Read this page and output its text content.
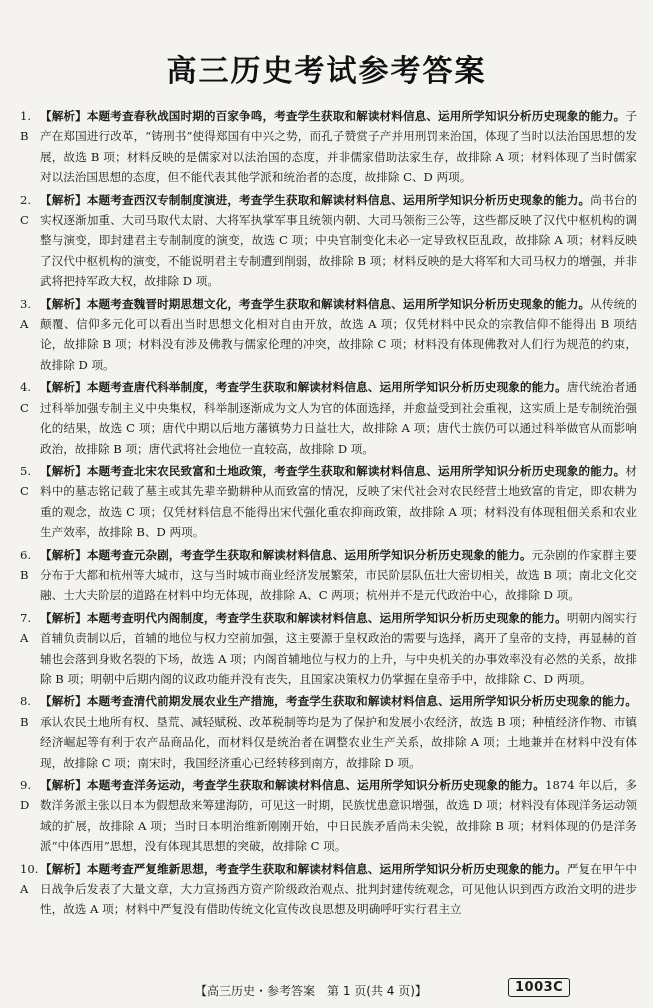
高三历史考试参考答案

1. B
【解析】本题考查春秋战国时期的百家争鸣，考查学生获取和解读材料信息、运用所学知识分析历史现象的能力。子产在郑国进行改革，“铸刑书”使得郑国有中兴之势，而孔子赞赏子产并用刑罚来治国，体现了当时以法治国思想的发展，故选 B 项；材料反映的是儒家对以法治国的态度，并非儒家借助法家生存，故排除 A 项；材料体现了当时儒家对以法治国思想的态度，但不能代表其他学派和统治者的态度，故排除 C、D 两项。

2. C
【解析】本题考查西汉专制制度演进，考查学生获取和解读材料信息、运用所学知识分析历史现象的能力。尚书台的实权逐渐加重、大司马取代太尉、大将军执掌军事且统领内朝、大司马领衔三公等，这些都反映了汉代中枢机构的调整与演变，即封建君主专制制度的演变，故选 C 项；中央官制变化未必一定导致权臣乱政，故排除 A 项；材料反映了汉代中枢机构的演变，不能说明君主专制遭到削弱，故排除 B 项；材料反映的是大将军和大司马权力的增强，并非武将把持军政大权，故排除 D 项。

3. A
【解析】本题考查魏晋时期思想文化，考查学生获取和解读材料信息、运用所学知识分析历史现象的能力。从传统的颠覆、信仰多元化可以看出当时思想文化相对自由开放，故选 A 项；仅凭材料中民众的宗教信仰不能得出 B 项结论，故排除 B 项；材料没有涉及佛教与儒家伦理的冲突，故排除 C 项；材料没有体现佛教对人们行为规范的约束，故排除 D 项。

4. C
【解析】本题考查唐代科举制度，考查学生获取和解读材料信息、运用所学知识分析历史现象的能力。唐代统治者通过科举加强专制主义中央集权，科举制逐渐成为文人为官的体面选择，并愈益受到社会重视，这实质上是专制统治强化的结果，故选 C 项；唐代中期以后地方藩镇势力日益壮大，故排除 A 项；唐代士族仍可以通过科举做官从而影响政治，故排除 B 项；唐代武将社会地位一直较高，故排除 D 项。

5. C
【解析】本题考查北宋农民致富和土地政策，考查学生获取和解读材料信息、运用所学知识分析历史现象的能力。材料中的墓志铭记载了墓主或其先辈辛勤耕种从而致富的情况，反映了宋代社会对农民经营土地致富的肯定，即农耕为重的观念，故选 C 项；仅凭材料信息不能得出宋代强化重农抑商政策，故排除 A 项；材料没有体现租佃关系和农业生产效率，故排除 B、D 两项。

6. B
【解析】本题考查元杂剧，考查学生获取和解读材料信息、运用所学知识分析历史现象的能力。元杂剧的作家群主要分布于大都和杭州等大城市，这与当时城市商业经济发展繁荣，市民阶层队伍壮大密切相关，故选 B 项；南北文化交融、士大夫阶层的道路在材料中均无体现，故排除 A、C 两项；杭州并不是元代政治中心，故排除 D 项。

7. A
【解析】本题考查明代内阁制度，考查学生获取和解读材料信息、运用所学知识分析历史现象的能力。明朝内阁实行首辅负责制以后，首辅的地位与权力空前加强，这主要源于皇权政治的需要与选择，离开了皇帝的支持，再显赫的首辅也会落到身败名裂的下场，故选 A 项；内阁首辅地位与权力的上升，与中央机关的办事效率没有必然的关系，故排除 B 项；明朝中后期内阁的议政功能并没有丧失，且国家决策权力仍掌握在皇帝手中，故排除 C、D 两项。

8. B
【解析】本题考查清代前期发展农业生产措施，考查学生获取和解读材料信息、运用所学知识分析历史现象的能力。承认农民土地所有权、垦荒、减轻赋税、改革税制等均是为了保护和发展小农经济，故选 B 项；种植经济作物、市镇经济崛起等有利于农产品商品化，而材料仅是统治者在调整农业生产关系，故排除 A 项；土地兼并在材料中没有体现，故排除 C 项；南宋时，我国经济重心已经转移到南方，故排除 D 项。

9. D
【解析】本题考查洋务运动，考查学生获取和解读材料信息、运用所学知识分析历史现象的能力。1874 年以后，多数洋务派主张以日本为假想敌来筹建海防，可见这一时期，民族忧患意识增强，故选 D 项；材料没有体现洋务运动领域的扩展，故排除 A 项；当时日本明治维新刚刚开始，中日民族矛盾尚未尖锐，故排除 B 项；材料体现的仍是洋务派“中体西用”思想，没有体现其思想的突破，故排除 C 项。

10. A
【解析】本题考查严复维新思想，考查学生获取和解读材料信息、运用所学知识分析历史现象的能力。严复在甲午中日战争后发表了大量文章，大力宣扬西方资产阶级政治观点、批判封建传统观念，可见他认识到西方政治文明的进步性，故选 A 项；材料中严复没有借助传统文化宣传改良思想及明确呼吁实行君主立

【高三历史・参考答案　第 1 页(共 4 页)】	1003C
